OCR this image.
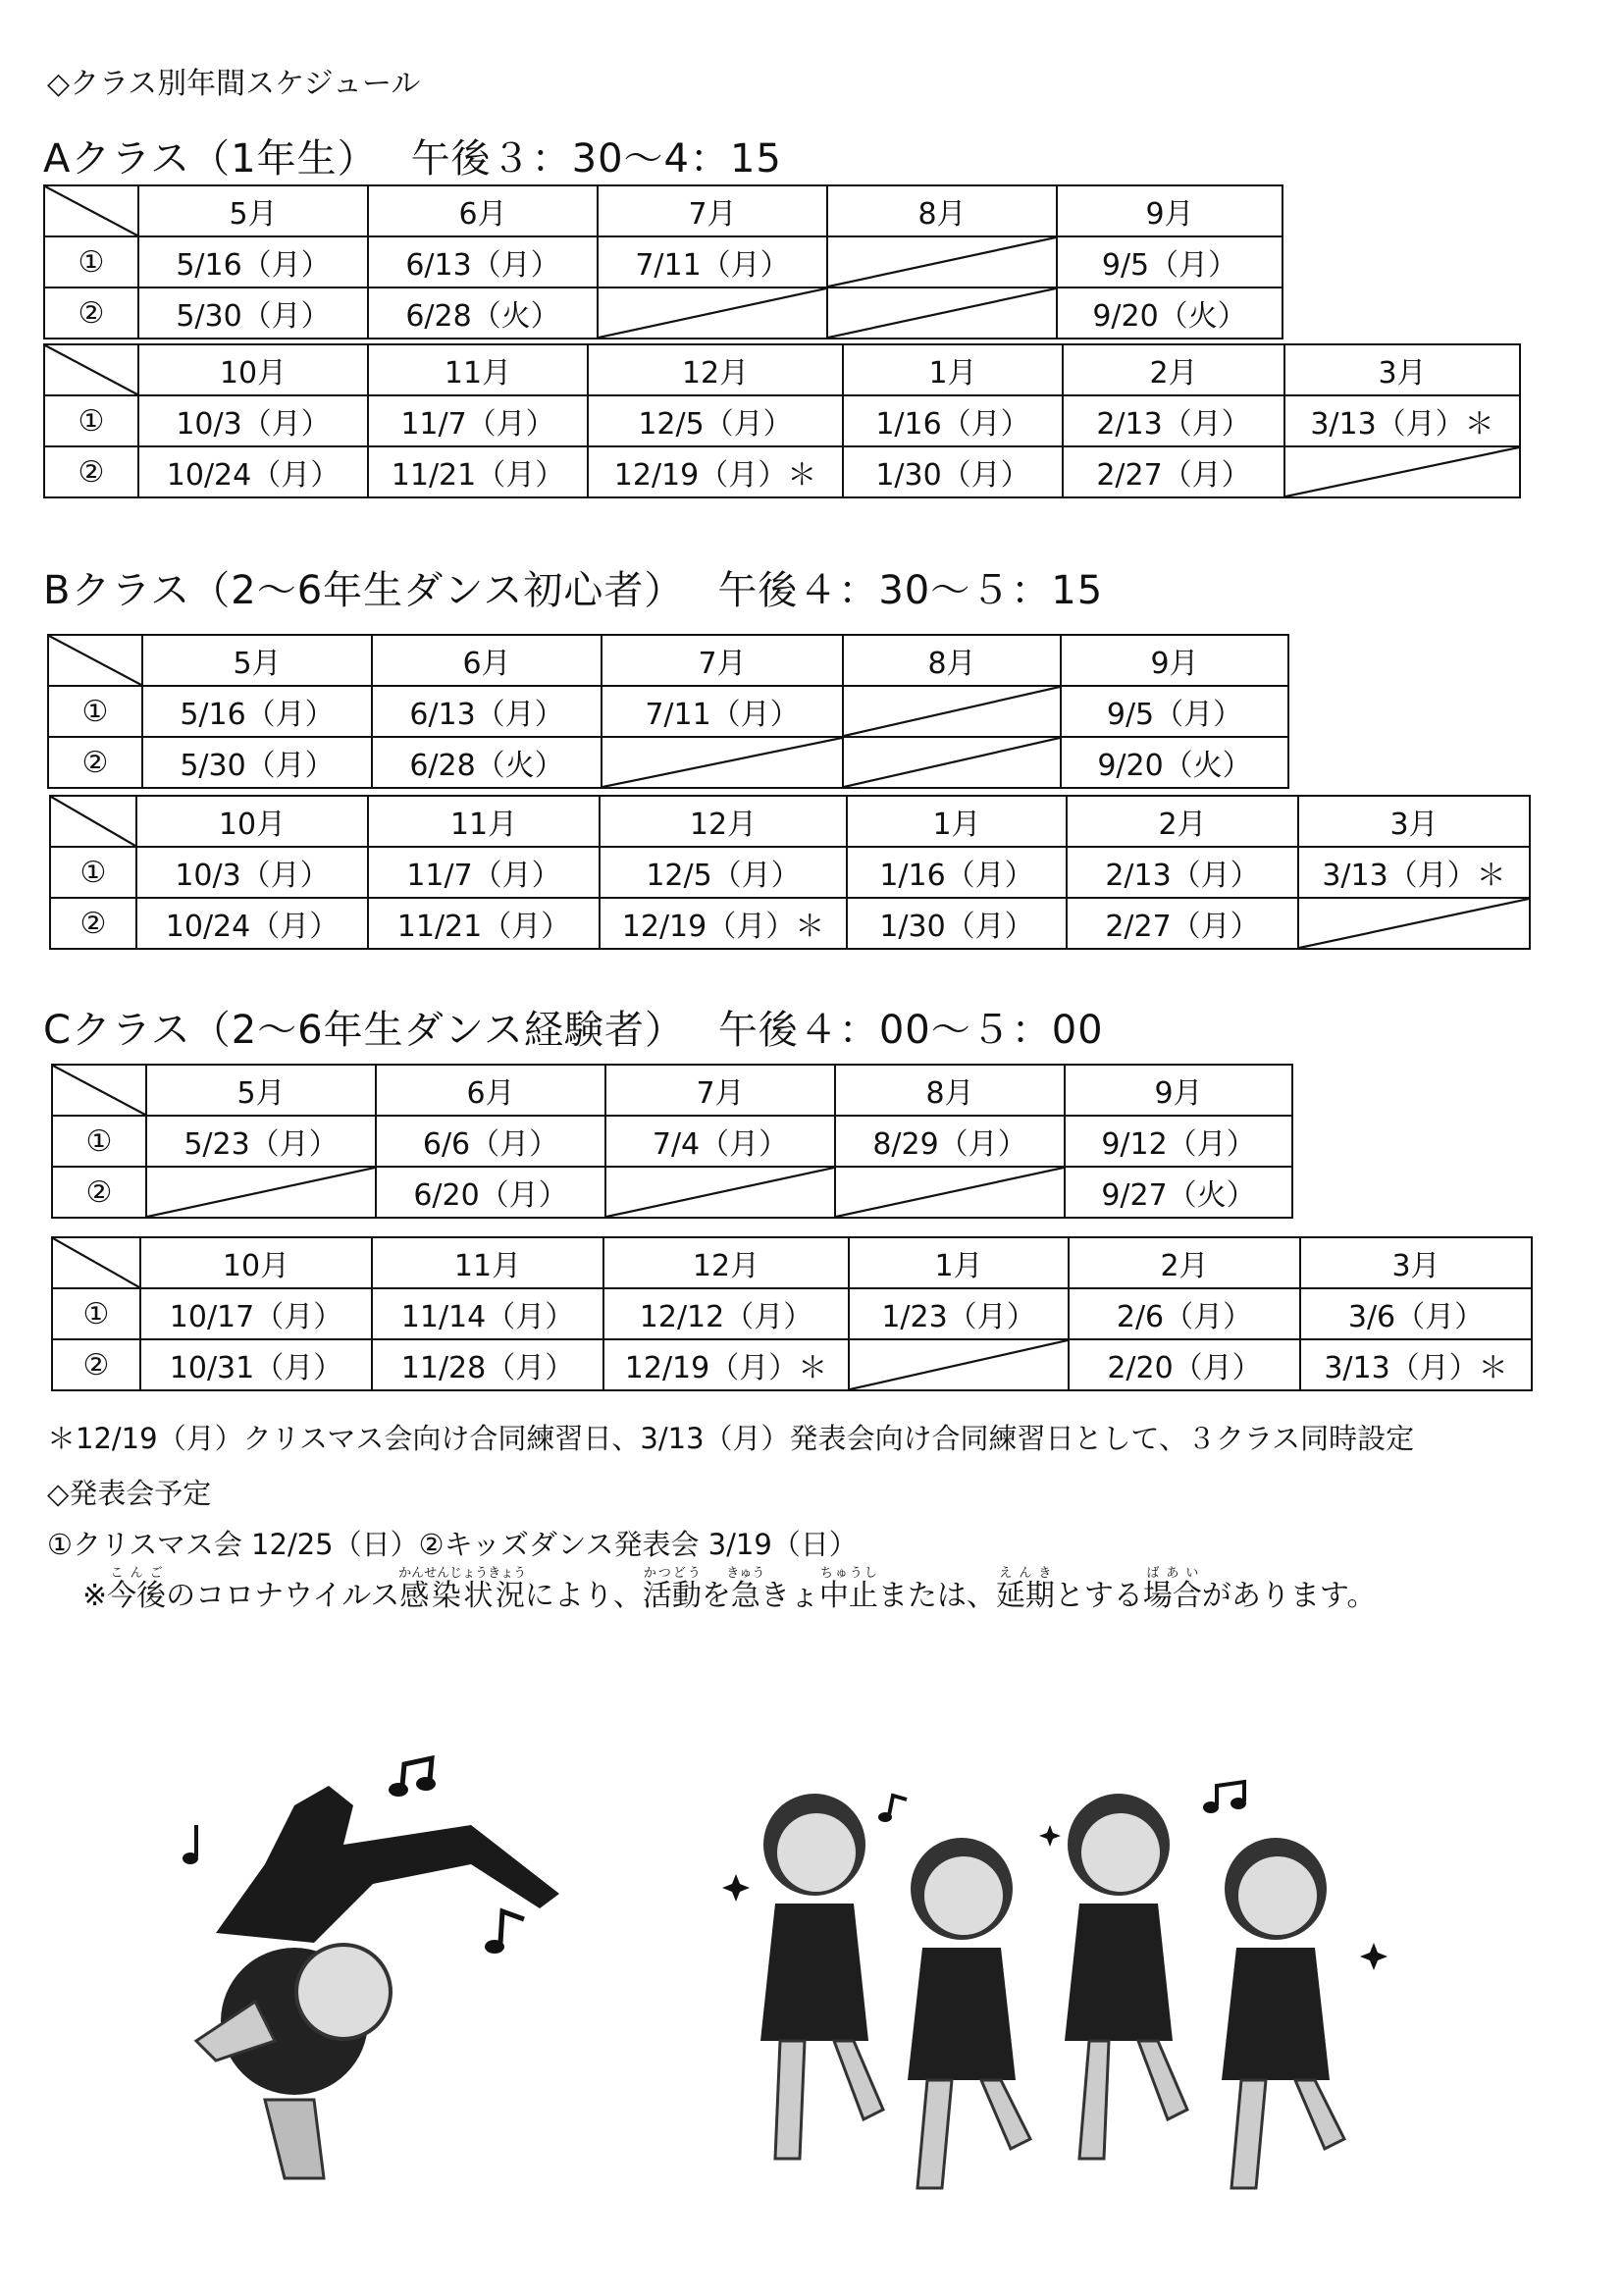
◇クラス別年間スケジュール
Aクラス（1年生） 午後３：30〜4：15
	5月	6月	7月	8月	9月
①	5/16（月）	6/13（月）	7/11（月）		9/5（月）
②	5/30（月）	6/28（火）			9/20（火）
	10月	11月	12月	1月	2月	3月
①	10/3（月）	11/7（月）	12/5（月）	1/16（月）	2/13（月）	3/13（月）＊
②	10/24（月）	11/21（月）	12/19（月）＊	1/30（月）	2/27（月）	
Bクラス（2〜6年生ダンス初心者） 午後４：30〜５：15
	5月	6月	7月	8月	9月
①	5/16（月）	6/13（月）	7/11（月）		9/5（月）
②	5/30（月）	6/28（火）			9/20（火）
	10月	11月	12月	1月	2月	3月
①	10/3（月）	11/7（月）	12/5（月）	1/16（月）	2/13（月）	3/13（月）＊
②	10/24（月）	11/21（月）	12/19（月）＊	1/30（月）	2/27（月）	
Cクラス（2〜6年生ダンス経験者） 午後４：00〜５：00
	5月	6月	7月	8月	9月
①	5/23（月）	6/6（月）	7/4（月）	8/29（月）	9/12（月）
②		6/20（月）			9/27（火）
	10月	11月	12月	1月	2月	3月
①	10/17（月）	11/14（月）	12/12（月）	1/23（月）	2/6（月）	3/6（月）
②	10/31（月）	11/28（月）	12/19（月）＊		2/20（月）	3/13（月）＊
＊12/19（月）クリスマス会向け合同練習日、3/13（月）発表会向け合同練習日として、３クラス同時設定
◇発表会予定
①クリスマス会 12/25（日）②キッズダンス発表会 3/19（日）
※今後こんごのコロナウイルス感染状況かんせんじょうきょうにより、活動かつどうを急きゅうきょ中止ちゅうしまたは、延期えんきとする場合ばあいがあります。
